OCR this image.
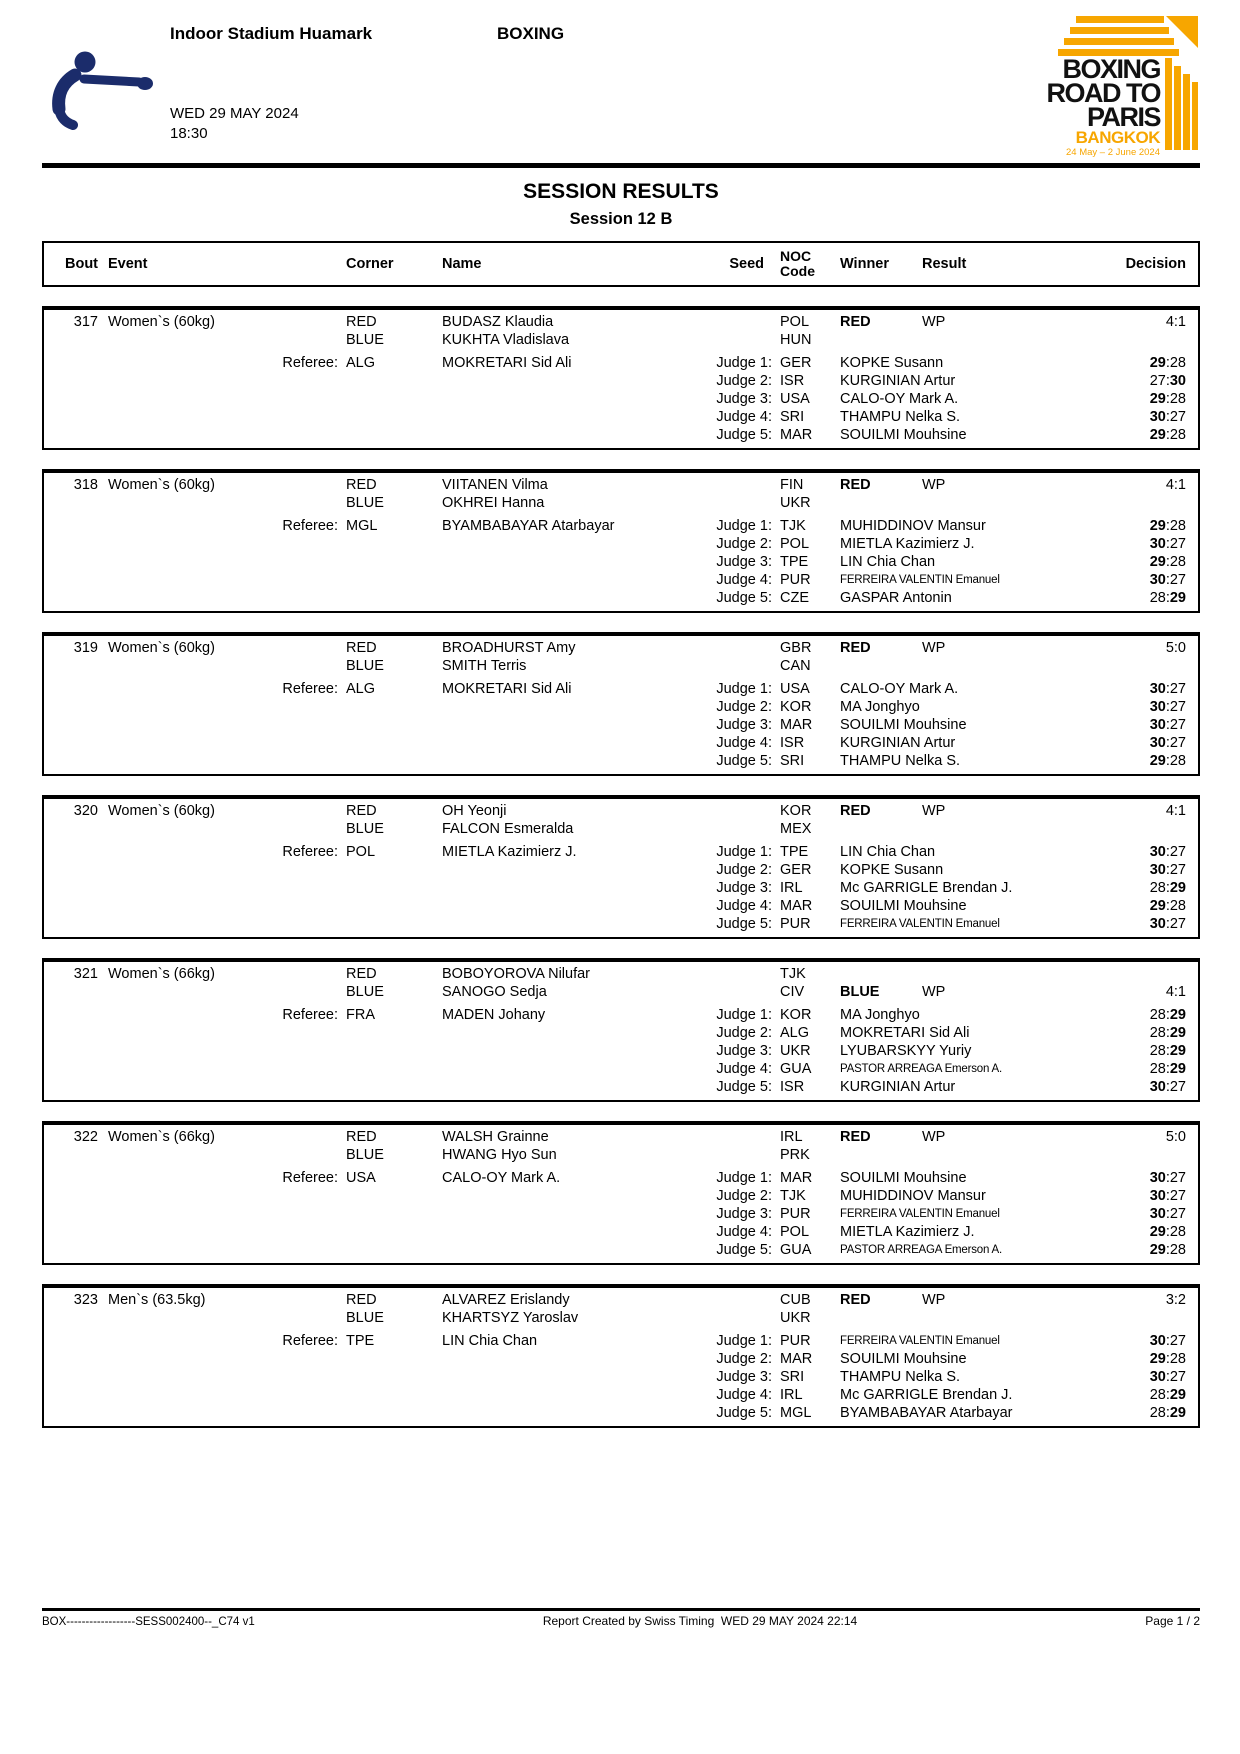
Indoor Stadium Huamark	BOXING
WED 29 MAY 2024
18:30
BOXING
ROAD TO
PARIS
BANGKOK
24 May – 2 June 2024
SESSION RESULTS
Session 12 B
Bout Event	Corner	Name	Seed NOC
Code	Winner	Result	Decision
317 Women`s (60kg)	RED	BUDASZ Klaudia	POL	RED	WP	4:1
BLUE	KUKHTA Vladislava	HUN
Referee: ALG	MOKRETARI Sid Ali	Judge 1: GER	KOPKE Susann	29:28
Judge 2: ISR	KURGINIAN Artur	27:30
Judge 3: USA	CALO-OY Mark A.	29:28
Judge 4: SRI	THAMPU Nelka S.	30:27
Judge 5: MAR	SOUILMI Mouhsine	29:28
318 Women`s (60kg)	RED	VIITANEN Vilma	FIN	RED	WP	4:1
BLUE	OKHREI Hanna	UKR
Referee: MGL	BYAMBABAYAR Atarbayar	Judge 1: TJK	MUHIDDINOV Mansur	29:28
Judge 2: POL	MIETLA Kazimierz J.	30:27
Judge 3: TPE	LIN Chia Chan	29:28
Judge 4: PUR	FERREIRA VALENTIN Emanuel	30:27
Judge 5: CZE	GASPAR Antonin	28:29
319 Women`s (60kg)	RED	BROADHURST Amy	GBR	RED	WP	5:0
BLUE	SMITH Terris	CAN
Referee: ALG	MOKRETARI Sid Ali	Judge 1: USA	CALO-OY Mark A.	30:27
Judge 2: KOR	MA Jonghyo	30:27
Judge 3: MAR	SOUILMI Mouhsine	30:27
Judge 4: ISR	KURGINIAN Artur	30:27
Judge 5: SRI	THAMPU Nelka S.	29:28
320 Women`s (60kg)	RED	OH Yeonji	KOR	RED	WP	4:1
BLUE	FALCON Esmeralda	MEX
Referee: POL	MIETLA Kazimierz J.	Judge 1: TPE	LIN Chia Chan	30:27
Judge 2: GER	KOPKE Susann	30:27
Judge 3: IRL	Mc GARRIGLE Brendan J.	28:29
Judge 4: MAR	SOUILMI Mouhsine	29:28
Judge 5: PUR	FERREIRA VALENTIN Emanuel	30:27
321 Women`s (66kg)	RED	BOBOYOROVA Nilufar	TJK
BLUE	SANOGO Sedja	CIV	BLUE	WP	4:1
Referee: FRA	MADEN Johany	Judge 1: KOR	MA Jonghyo	28:29
Judge 2: ALG	MOKRETARI Sid Ali	28:29
Judge 3: UKR	LYUBARSKYY Yuriy	28:29
Judge 4: GUA	PASTOR ARREAGA Emerson A.	28:29
Judge 5: ISR	KURGINIAN Artur	30:27
322 Women`s (66kg)	RED	WALSH Grainne	IRL	RED	WP	5:0
BLUE	HWANG Hyo Sun	PRK
Referee: USA	CALO-OY Mark A.	Judge 1: MAR	SOUILMI Mouhsine	30:27
Judge 2: TJK	MUHIDDINOV Mansur	30:27
Judge 3: PUR	FERREIRA VALENTIN Emanuel	30:27
Judge 4: POL	MIETLA Kazimierz J.	29:28
Judge 5: GUA	PASTOR ARREAGA Emerson A.	29:28
323 Men`s (63.5kg)	RED	ALVAREZ Erislandy	CUB	RED	WP	3:2
BLUE	KHARTSYZ Yaroslav	UKR
Referee: TPE	LIN Chia Chan	Judge 1: PUR	FERREIRA VALENTIN Emanuel	30:27
Judge 2: MAR	SOUILMI Mouhsine	29:28
Judge 3: SRI	THAMPU Nelka S.	30:27
Judge 4: IRL	Mc GARRIGLE Brendan J.	28:29
Judge 5: MGL	BYAMBABAYAR Atarbayar	28:29
BOX------------------SESS002400--_C74 v1	Report Created by Swiss Timing  WED 29 MAY 2024 22:14	Page 1 / 2
